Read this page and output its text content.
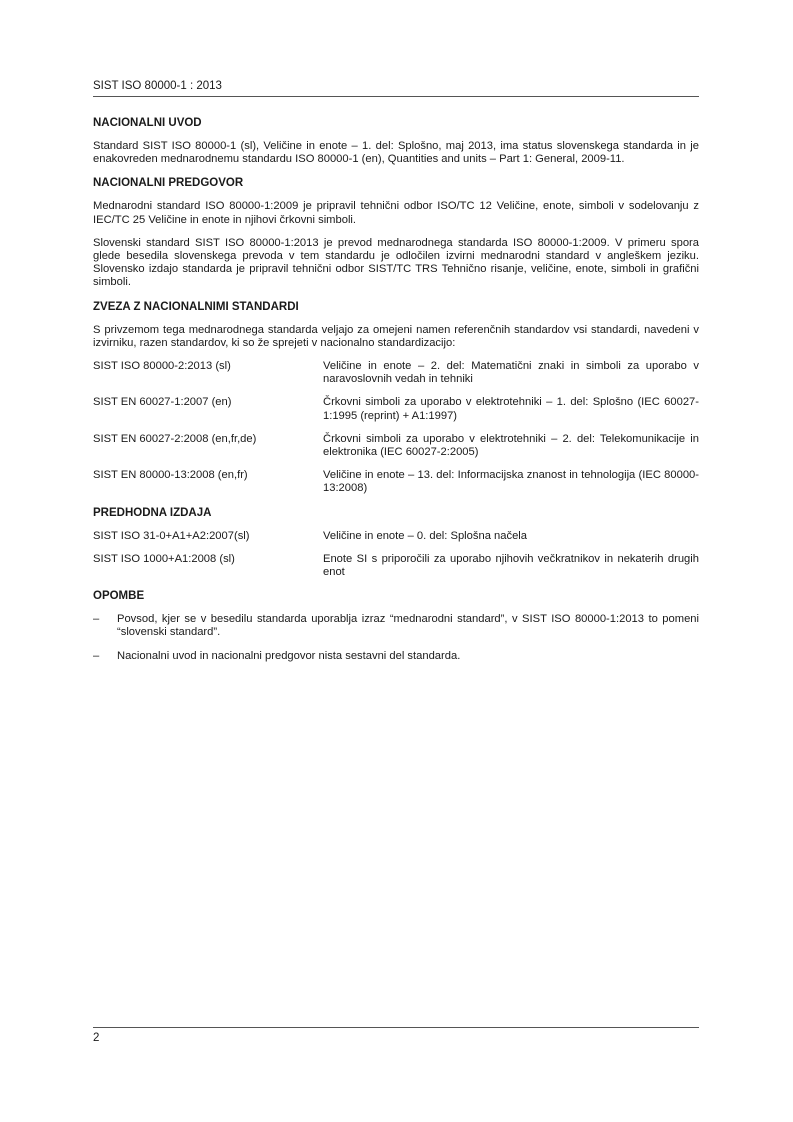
SIST ISO 80000-1 : 2013
NACIONALNI UVOD

Standard SIST ISO 80000-1 (sl), Veličine in enote – 1. del: Splošno, maj 2013, ima status slovenskega standarda in je enakovreden mednarodnemu standardu ISO 80000-1 (en), Quantities and units – Part 1: General, 2009-11.

NACIONALNI PREDGOVOR

Mednarodni standard ISO 80000-1:2009 je pripravil tehnični odbor ISO/TC 12 Veličine, enote, simboli v sodelovanju z IEC/TC 25 Veličine in enote in njihovi črkovni simboli.

Slovenski standard SIST ISO 80000-1:2013 je prevod mednarodnega standarda ISO 80000-1:2009. V primeru spora glede besedila slovenskega prevoda v tem standardu je odločilen izvirni mednarodni standard v angleškem jeziku. Slovensko izdajo standarda je pripravil tehnični odbor SIST/TC TRS Tehnično risanje, veličine, enote, simboli in grafični simboli.

ZVEZA Z NACIONALNIMI STANDARDI

S privzemom tega mednarodnega standarda veljajo za omejeni namen referenčnih standardov vsi standardi, navedeni v izvirniku, razen standardov, ki so že sprejeti v nacionalno standardizacijo:

SIST ISO 80000-2:2013 (sl)	Veličine in enote – 2. del: Matematični znaki in simboli za uporabo v naravoslovnih vedah in tehniki
SIST EN 60027-1:2007 (en)	Črkovni simboli za uporabo v elektrotehniki – 1. del: Splošno (IEC 60027-1:1995 (reprint) + A1:1997)
SIST EN 60027-2:2008 (en,fr,de)	Črkovni simboli za uporabo v elektrotehniki – 2. del: Telekomunikacije in elektronika (IEC 60027-2:2005)
SIST EN 80000-13:2008 (en,fr)	Veličine in enote – 13. del: Informacijska znanost in tehnologija (IEC 80000-13:2008)
PREDHODNA IZDAJA
SIST ISO 31-0+A1+A2:2007(sl)	Veličine in enote – 0. del: Splošna načela
SIST ISO 1000+A1:2008 (sl)	Enote SI s priporočili za uporabo njihovih večkratnikov in nekaterih drugih enot
OPOMBE
–	Povsod, kjer se v besedilu standarda uporablja izraz “mednarodni standard”, v SIST ISO 80000-1:2013 to pomeni “slovenski standard”.
–	Nacionalni uvod in nacionalni predgovor nista sestavni del standarda.
2
